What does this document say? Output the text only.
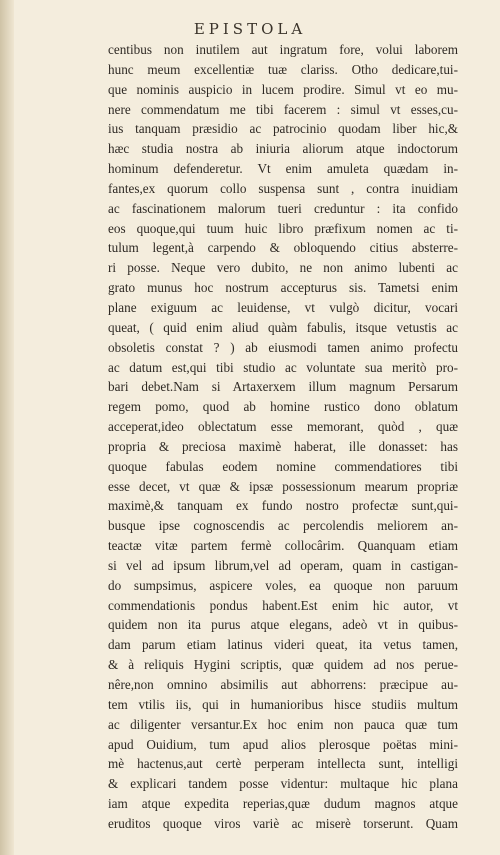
EPISTOLA
centibus non inutilem aut ingratum fore, volui laborem
hunc meum excellentiæ tuæ clariss. Otho dedicare,tui-
que nominis auspicio in lucem prodire. Simul vt eo mu-
nere commendatum me tibi facerem : simul vt esses,cu-
ius tanquam præsidio ac patrocinio quodam liber hic,&
hæc studia nostra ab iniuria aliorum atque indoctorum
hominum defenderetur. Vt enim amuleta quædam in-
fantes,ex quorum collo suspensa sunt , contra inuidiam
ac fascinationem malorum tueri creduntur : ita confido
eos quoque,qui tuum huic libro præfixum nomen ac ti-
tulum legent,à carpendo & obloquendo citius absterre-
ri posse. Neque vero dubito, ne non animo lubenti ac
grato munus hoc nostrum accepturus sis. Tametsi enim
plane exiguum ac leuidense, vt vulgò dicitur, vocari
queat, ( quid enim aliud quàm fabulis, itsque vetustis ac
obsoletis constat ? ) ab eiusmodi tamen animo profectu
ac datum est,qui tibi studio ac voluntate sua meritò pro-
bari debet.Nam si Artaxerxem illum magnum Persarum
regem pomo, quod ab homine rustico dono oblatum
acceperat,ideo oblectatum esse memorant, quòd , quæ
propria & preciosa maximè haberat, ille donasset: has
quoque fabulas eodem nomine commendatiores tibi
esse decet, vt quæ & ipsæ possessionum mearum propriæ
maximè,& tanquam ex fundo nostro profectæ sunt,qui-
busque ipse cognoscendis ac percolendis meliorem an-
teactæ vitæ partem fermè collocârim. Quanquam etiam
si vel ad ipsum librum,vel ad operam, quam in castigan-
do sumpsimus, aspicere voles, ea quoque non paruum
commendationis pondus habent.Est enim hic autor, vt
quidem non ita purus atque elegans, adeò vt in quibus-
dam parum etiam latinus videri queat, ita vetus tamen,
& à reliquis Hygini scriptis, quæ quidem ad nos perue-
nêre,non omnino absimilis aut abhorrens: præcipue au-
tem vtilis iis, qui in humanioribus hisce studiis multum
ac diligenter versantur.Ex hoc enim non pauca quæ tum
apud Ouidium, tum apud alios plerosque poëtas mini-
mè hactenus,aut certè perperam intellecta sunt, intelligi
& explicari tandem posse videntur: multaque hic plana
iam atque expedita reperias,quæ dudum magnos atque
eruditos quoque viros variè ac miserè torserunt. Quam
